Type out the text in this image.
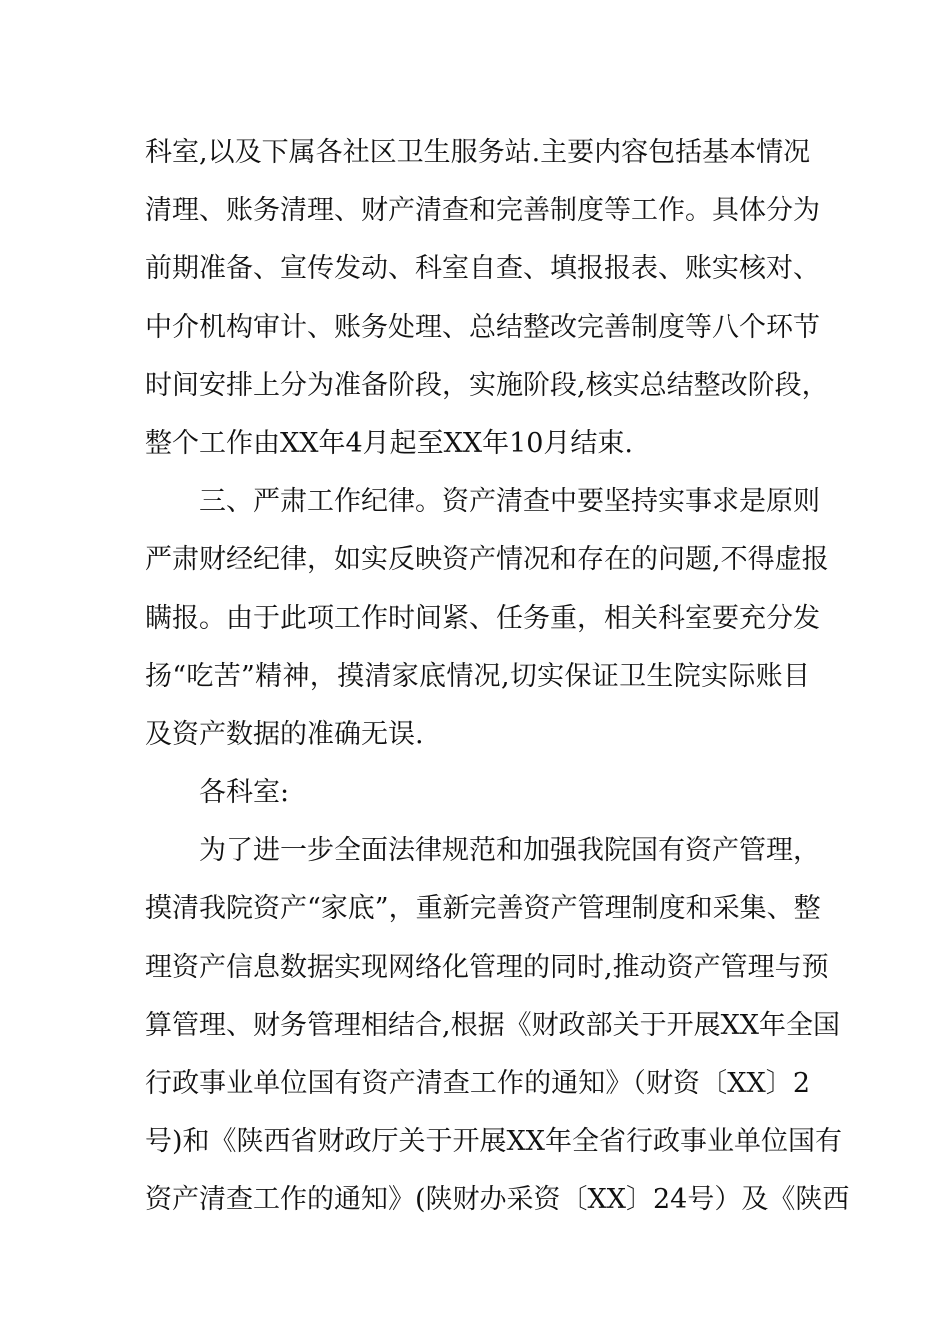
科室,以及下属各社区卫生服务站.主要内容包括基本情况
清理、账务清理、财产清查和完善制度等工作。具体分为
前期准备、宣传发动、科室自查、填报报表、账实核对、
中介机构审计、账务处理、总结整改完善制度等八个环节
时间安排上分为准备阶段，实施阶段,核实总结整改阶段，
整个工作由XX年4月起至XX年10月结束.
三、严肃工作纪律。资产清查中要坚持实事求是原则
严肃财经纪律，如实反映资产情况和存在的问题,不得虚报
瞒报。由于此项工作时间紧、任务重，相关科室要充分发
扬“吃苦”精神，摸清家底情况,切实保证卫生院实际账目
及资产数据的准确无误.
各科室:
为了进一步全面法律规范和加强我院国有资产管理，
摸清我院资产“家底”，重新完善资产管理制度和采集、整
理资产信息数据实现网络化管理的同时,推动资产管理与预
算管理、财务管理相结合,根据《财政部关于开展XX年全国
行政事业单位国有资产清查工作的通知》（财资〔XX〕2
号)和《陕西省财政厅关于开展XX年全省行政事业单位国有
资产清查工作的通知》(陕财办采资〔XX〕24号）及《陕西
